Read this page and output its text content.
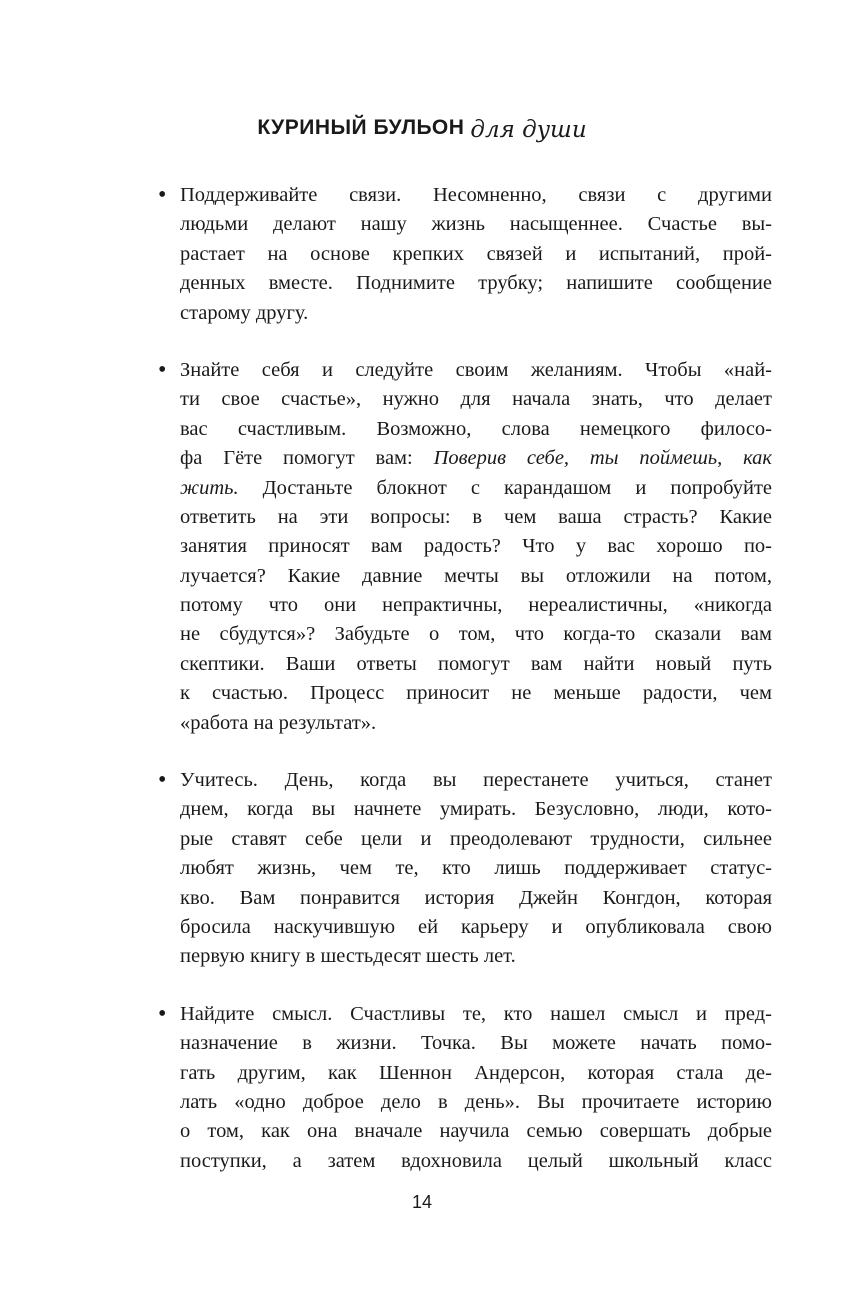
КУРИНЫЙ БУЛЬОН для души
• Поддерживайте связи. Несомненно, связи с другими
людьми делают нашу жизнь насыщеннее. Счастье вы-
растает на основе крепких связей и испытаний, прой-
денных вместе. Поднимите трубку; напишите сообщение
старому другу.
• Знайте себя и следуйте своим желаниям. Чтобы «най-
ти свое счастье», нужно для начала знать, что делает
вас счастливым. Возможно, слова немецкого филосо-
фа Гёте помогут вам: Поверив себе, ты поймешь, как
жить. Достаньте блокнот с карандашом и попробуйте
ответить на эти вопросы: в чем ваша страсть? Какие
занятия приносят вам радость? Что у вас хорошо по-
лучается? Какие давние мечты вы отложили на потом,
потому что они непрактичны, нереалистичны, «никогда
не сбудутся»? Забудьте о том, что когда-то сказали вам
скептики. Ваши ответы помогут вам найти новый путь
к счастью. Процесс приносит не меньше радости, чем
«работа на результат».
• Учитесь. День, когда вы перестанете учиться, станет
днем, когда вы начнете умирать. Безусловно, люди, кото-
рые ставят себе цели и преодолевают трудности, сильнее
любят жизнь, чем те, кто лишь поддерживает статус-
кво. Вам понравится история Джейн Конгдон, которая
бросила наскучившую ей карьеру и опубликовала свою
первую книгу в шестьдесят шесть лет.
• Найдите смысл. Счастливы те, кто нашел смысл и пред-
назначение в жизни. Точка. Вы можете начать помо-
гать другим, как Шеннон Андерсон, которая стала де-
лать «одно доброе дело в день». Вы прочитаете историю
о том, как она вначале научила семью совершать добрые
поступки, а затем вдохновила целый школьный класс
14
